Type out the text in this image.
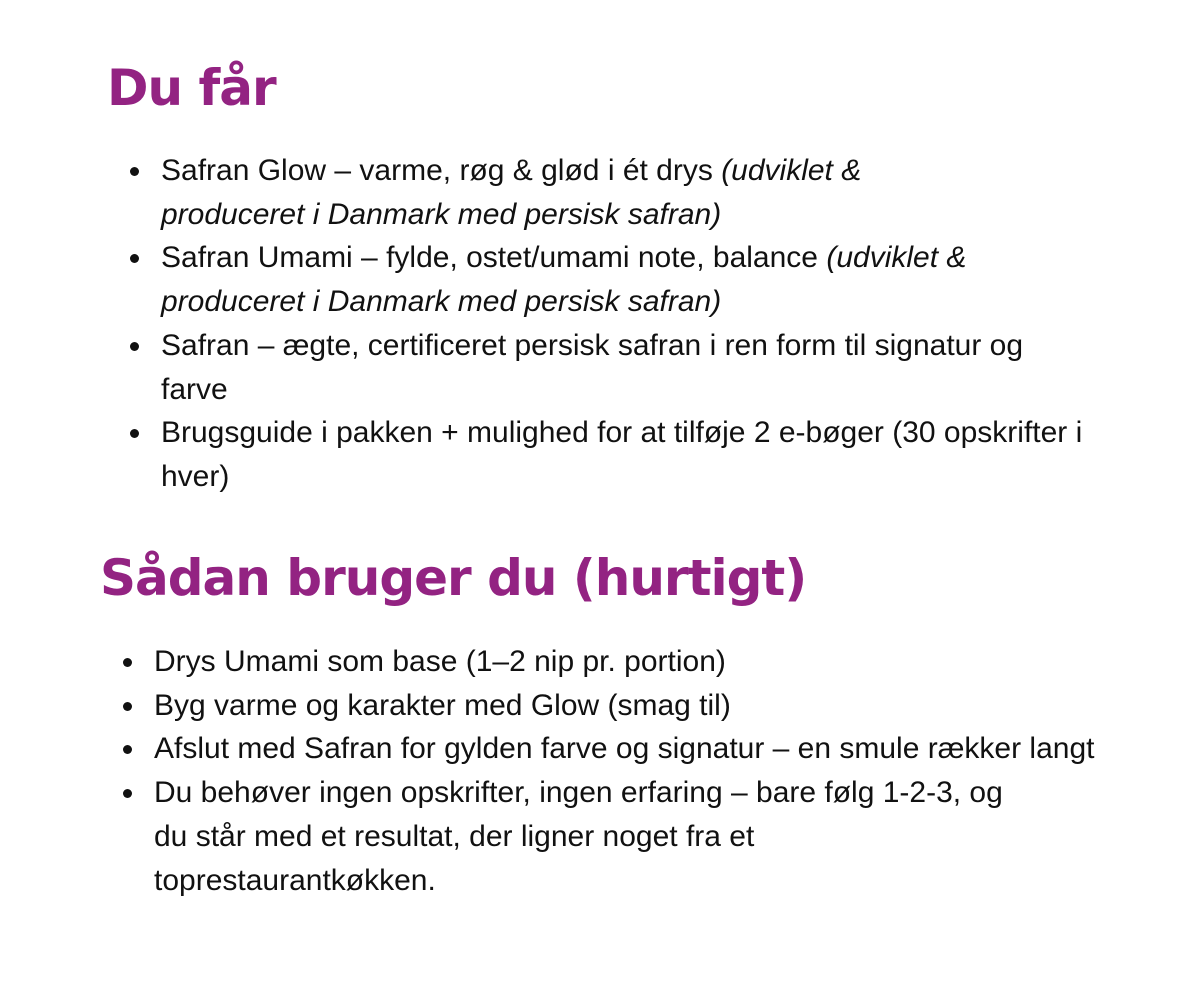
Du får
Safran Glow – varme, røg & glød i ét drys (udviklet & produceret i Danmark med persisk safran)
Safran Umami – fylde, ostet/umami note, balance (udviklet & produceret i Danmark med persisk safran)
Safran – ægte, certificeret persisk safran i ren form til signatur og farve
Brugsguide i pakken + mulighed for at tilføje 2 e-bøger (30 opskrifter i hver)
Sådan bruger du (hurtigt)
Drys Umami som base (1–2 nip pr. portion)
Byg varme og karakter med Glow (smag til)
Afslut med Safran for gylden farve og signatur – en smule rækker langt
Du behøver ingen opskrifter, ingen erfaring – bare følg 1-2-3, og du står med et resultat, der ligner noget fra et toprestaurantkøkken.
